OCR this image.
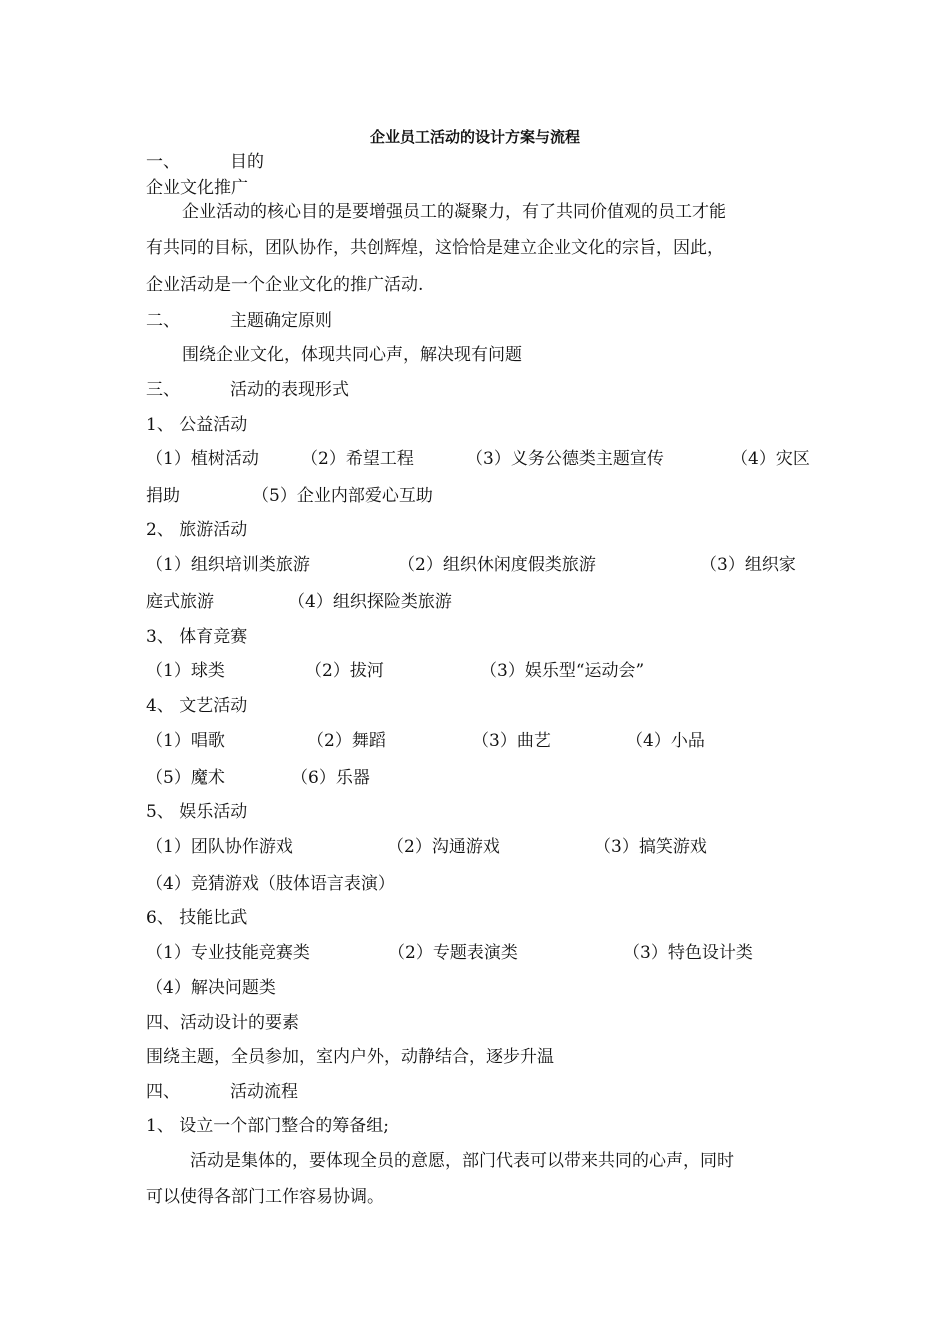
企业员工活动的设计方案与流程

一、	目的

企业文化推广

企业活动的核心目的是要增强员工的凝聚力，有了共同价值观的员工才能

有共同的目标，团队协作，共创辉煌，这恰恰是建立企业文化的宗旨，因此，

企业活动是一个企业文化的推广活动.

二、	主题确定原则

围绕企业文化，体现共同心声，解决现有问题

三、	活动的表现形式

1、 公益活动

（1）植树活动 （2）希望工程	（3）义务公德类主题宣传	（4）灾区
捐助	（5）企业内部爱心互助

2、 旅游活动

（1）组织培训类旅游	（2）组织休闲度假类旅游	（3）组织家
庭式旅游	（4）组织探险类旅游

3、 体育竞赛

（1）球类	（2）拔河	（3）娱乐型“运动会”

4、 文艺活动

（1）唱歌	（2）舞蹈	（3）曲艺	（4）小品
（5）魔术	（6）乐器

5、 娱乐活动

（1）团队协作游戏	（2）沟通游戏	（3）搞笑游戏
（4）竞猜游戏（肢体语言表演）

6、 技能比武

（1）专业技能竞赛类	（2）专题表演类	（3）特色设计类
（4）解决问题类

四、活动设计的要素

围绕主题，全员参加，室内户外，动静结合，逐步升温

四、	活动流程

1、 设立一个部门整合的筹备组;

活动是集体的，要体现全员的意愿，部门代表可以带来共同的心声，同时

可以使得各部门工作容易协调。
